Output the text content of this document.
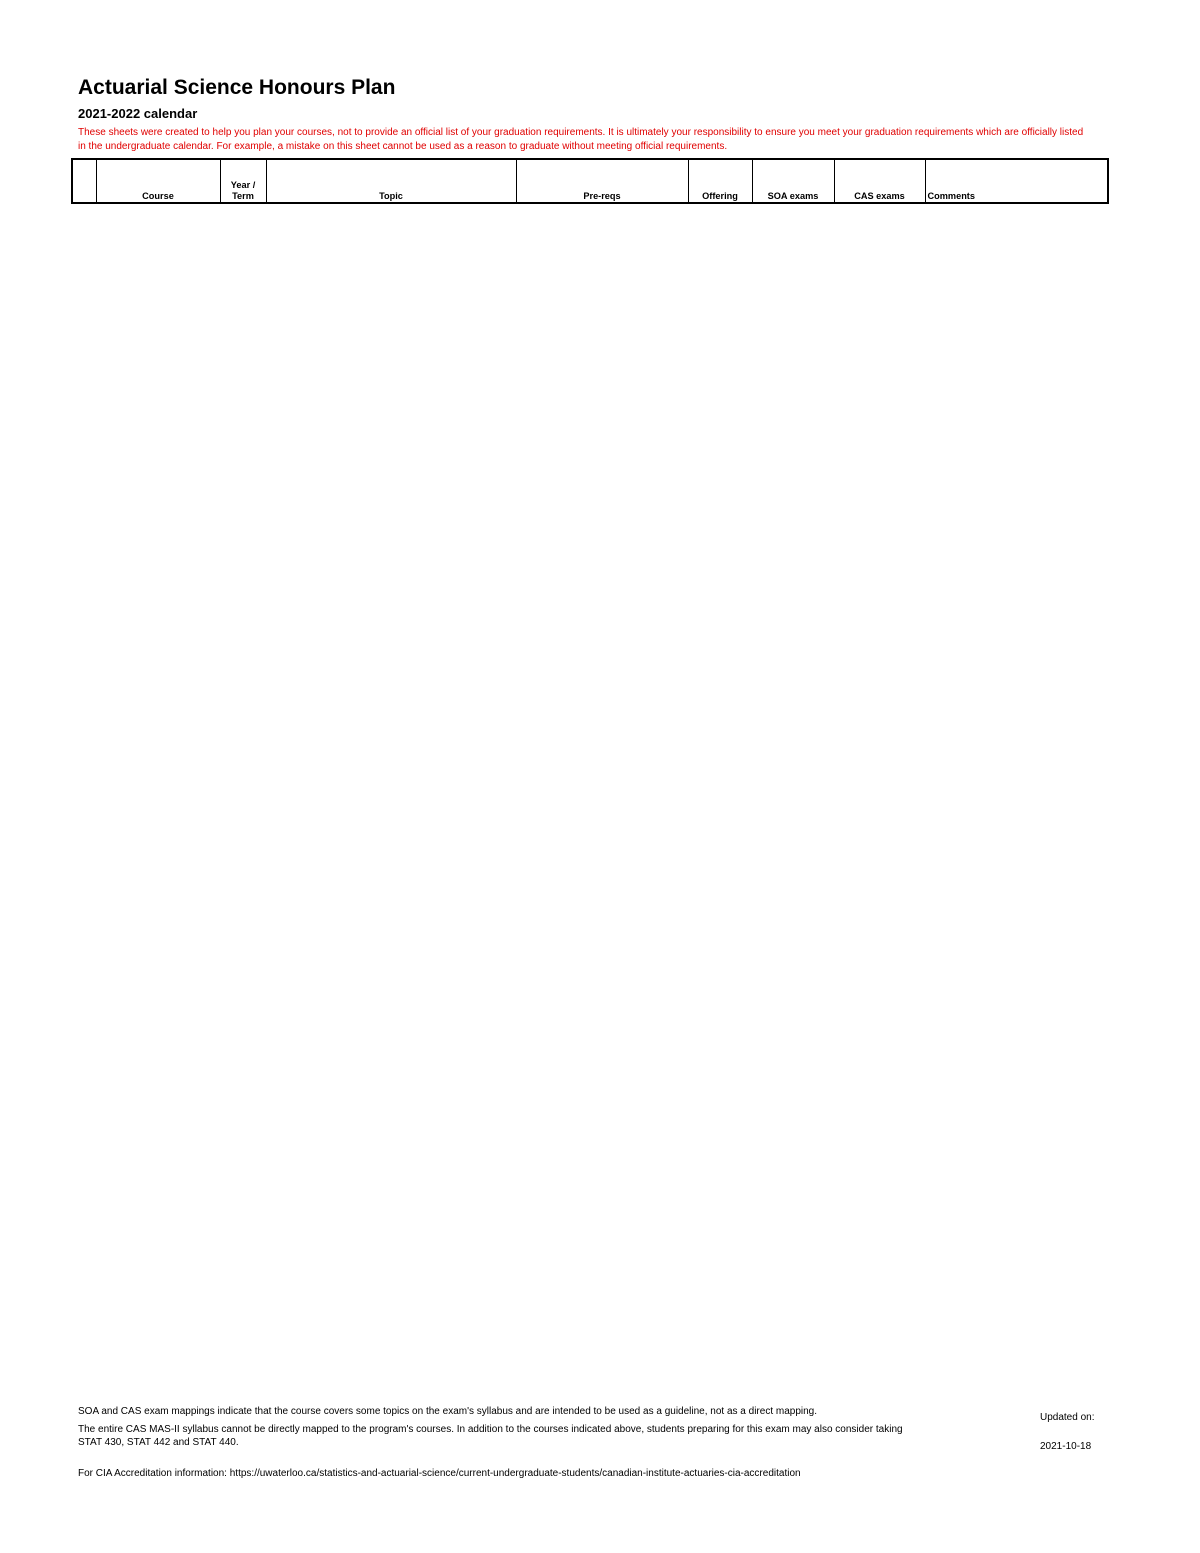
Actuarial Science Honours Plan
2021-2022 calendar
These sheets were created to help you plan your courses, not to provide an official list of your graduation requirements. It is ultimately your responsibility to ensure you meet your graduation requirements which are officially listed in the undergraduate calendar. For example, a mistake on this sheet cannot be used as a reason to graduate without meeting official requirements.
	Course	Year / Term	Topic	Pre-reqs	Offering	SOA exams	CAS exams	Comments

SOA and CAS exam mappings indicate that the course covers some topics on the exam's syllabus and are intended to be used as a guideline, not as a direct mapping.

The entire CAS MAS-II syllabus cannot be directly mapped to the program's courses. In addition to the courses indicated above, students preparing for this exam may also consider taking STAT 430, STAT 442 and STAT 440.

Updated on:
2021-10-18
For CIA Accreditation information: https://uwaterloo.ca/statistics-and-actuarial-science/current-undergraduate-students/canadian-institute-actuaries-cia-accreditation
